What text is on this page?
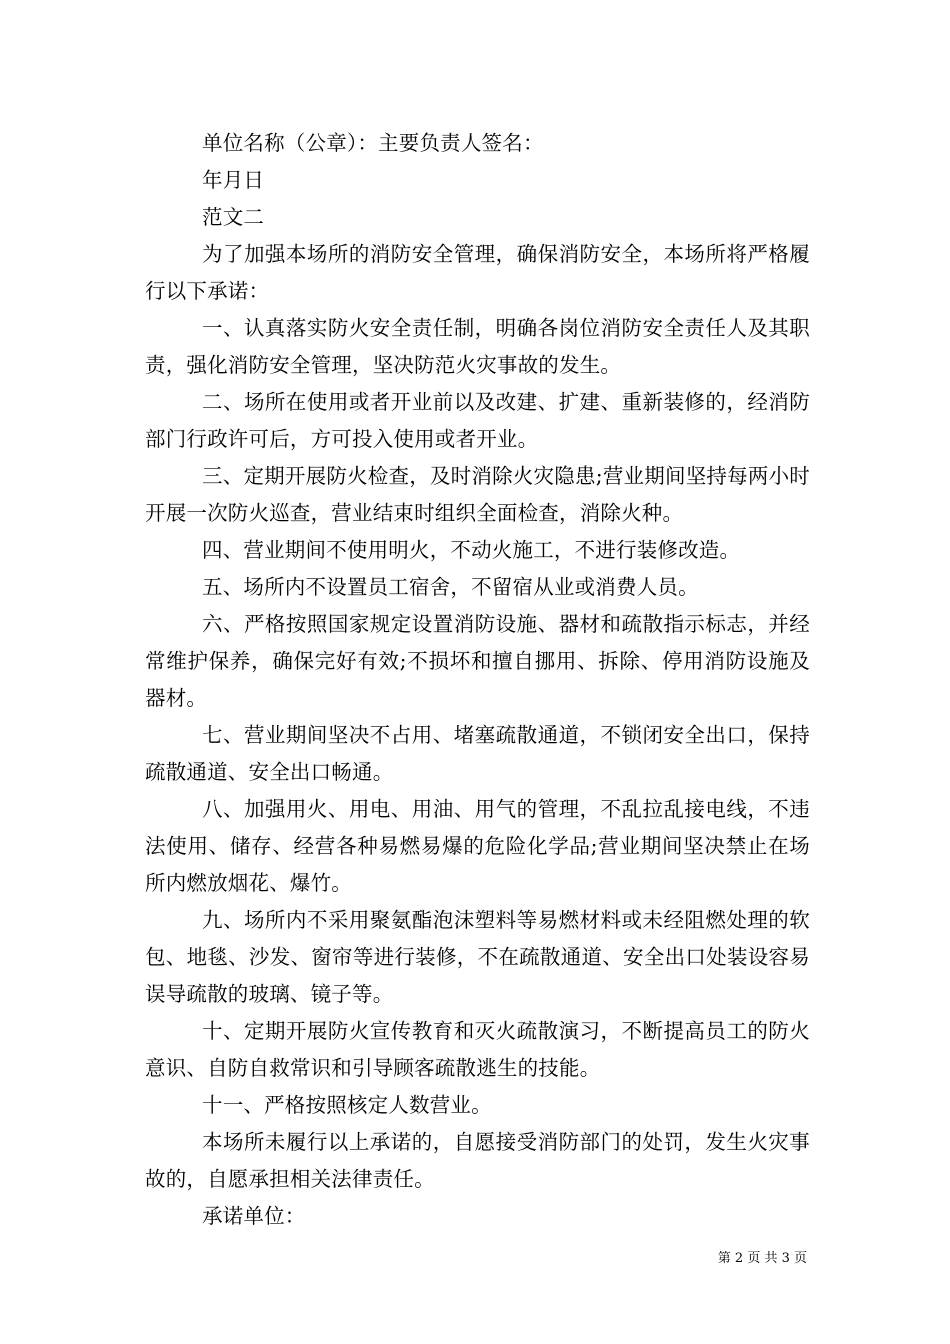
单位名称（公章）：主要负责人签名：

年月日

范文二

为了加强本场所的消防安全管理，确保消防安全，本场所将严格履行以下承诺：

一、认真落实防火安全责任制，明确各岗位消防安全责任人及其职责，强化消防安全管理，坚决防范火灾事故的发生。

二、场所在使用或者开业前以及改建、扩建、重新装修的，经消防部门行政许可后，方可投入使用或者开业。

三、定期开展防火检查，及时消除火灾隐患;营业期间坚持每两小时开展一次防火巡查，营业结束时组织全面检查，消除火种。

四、营业期间不使用明火，不动火施工，不进行装修改造。

五、场所内不设置员工宿舍，不留宿从业或消费人员。

六、严格按照国家规定设置消防设施、器材和疏散指示标志，并经常维护保养，确保完好有效;不损坏和擅自挪用、拆除、停用消防设施及器材。

七、营业期间坚决不占用、堵塞疏散通道，不锁闭安全出口，保持疏散通道、安全出口畅通。

八、加强用火、用电、用油、用气的管理，不乱拉乱接电线，不违法使用、储存、经营各种易燃易爆的危险化学品;营业期间坚决禁止在场所内燃放烟花、爆竹。

九、场所内不采用聚氨酯泡沫塑料等易燃材料或未经阻燃处理的软包、地毯、沙发、窗帘等进行装修，不在疏散通道、安全出口处装设容易误导疏散的玻璃、镜子等。

十、定期开展防火宣传教育和灭火疏散演习，不断提高员工的防火意识、自防自救常识和引导顾客疏散逃生的技能。

十一、严格按照核定人数营业。

本场所未履行以上承诺的，自愿接受消防部门的处罚，发生火灾事故的，自愿承担相关法律责任。

承诺单位：

第 2 页 共 3 页
